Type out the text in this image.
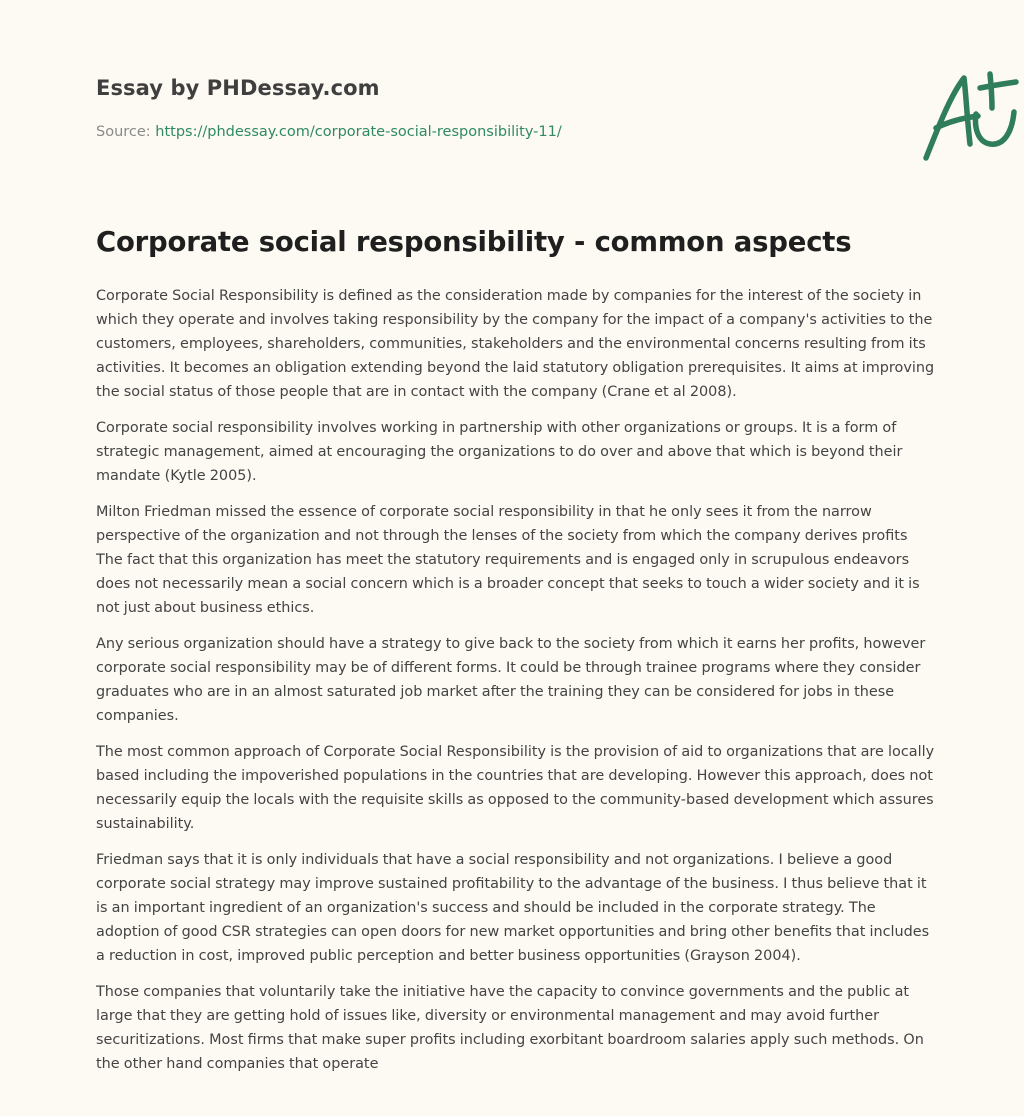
Essay by PHDessay.com
Source: https://phdessay.com/corporate-social-responsibility-11/
Corporate social responsibility - common aspects

Corporate Social Responsibility is defined as the consideration made by companies for the interest of the society in which they operate and involves taking responsibility by the company for the impact of a company's activities to the customers, employees, shareholders, communities, stakeholders and the environmental concerns resulting from its activities. It becomes an obligation extending beyond the laid statutory obligation prerequisites. It aims at improving the social status of those people that are in contact with the company (Crane et al 2008).

Corporate social responsibility involves working in partnership with other organizations or groups. It is a form of strategic management, aimed at encouraging the organizations to do over and above that which is beyond their mandate (Kytle 2005).

Milton Friedman missed the essence of corporate social responsibility in that he only sees it from the narrow perspective of the organization and not through the lenses of the society from which the company derives profits The fact that this organization has meet the statutory requirements and is engaged only in scrupulous endeavors does not necessarily mean a social concern which is a broader concept that seeks to touch a wider society and it is not just about business ethics.

Any serious organization should have a strategy to give back to the society from which it earns her profits, however corporate social responsibility may be of different forms. It could be through trainee programs where they consider graduates who are in an almost saturated job market after the training they can be considered for jobs in these companies.

The most common approach of Corporate Social Responsibility is the provision of aid to organizations that are locally based including the impoverished populations in the countries that are developing. However this approach, does not necessarily equip the locals with the requisite skills as opposed to the community-based development which assures sustainability.

Friedman says that it is only individuals that have a social responsibility and not organizations. I believe a good corporate social strategy may improve sustained profitability to the advantage of the business. I thus believe that it is an important ingredient of an organization's success and should be included in the corporate strategy. The adoption of good CSR strategies can open doors for new market opportunities and bring other benefits that includes a reduction in cost, improved public perception and better business opportunities (Grayson 2004).

Those companies that voluntarily take the initiative have the capacity to convince governments and the public at large that they are getting hold of issues like, diversity or environmental management and may avoid further securitizations. Most firms that make super profits including exorbitant boardroom salaries apply such methods. On the other hand companies that operate
